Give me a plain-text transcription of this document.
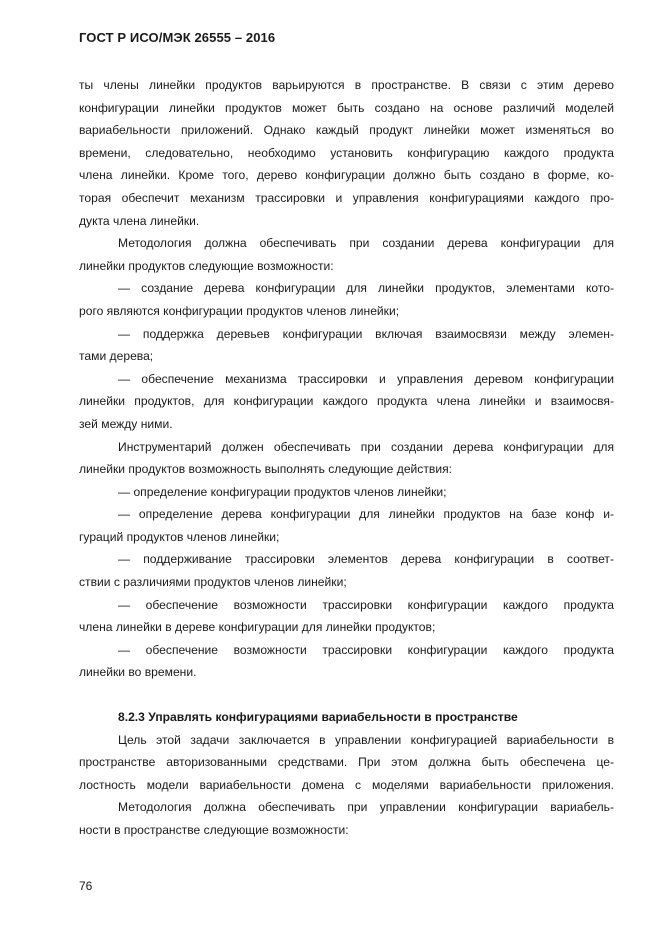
ГОСТ Р ИСО/МЭК 26555 – 2016
ты члены линейки продуктов варьируются в пространстве. В связи с этим дерево
конфигурации линейки продуктов может быть создано на основе различий моделей
вариабельности приложений. Однако каждый продукт линейки может изменяться во
времени, следовательно, необходимо установить конфигурацию каждого продукта
члена линейки. Кроме того, дерево конфигурации должно быть создано в форме, ко-
торая обеспечит механизм трассировки и управления конфигурациями каждого про-
дукта члена линейки.
Методология должна обеспечивать при создании дерева конфигурации для
линейки продуктов следующие возможности:
— создание дерева конфигурации для линейки продуктов, элементами кото-
рого являются конфигурации продуктов членов линейки;
— поддержка деревьев конфигурации включая взаимосвязи между элемен-
тами дерева;
— обеспечение механизма трассировки и управления деревом конфигурации
линейки продуктов, для конфигурации каждого продукта члена линейки и взаимосвя-
зей между ними.
Инструментарий должен обеспечивать при создании дерева конфигурации для
линейки продуктов возможность выполнять следующие действия:
— определение конфигурации продуктов членов линейки;
— определение дерева конфигурации для линейки продуктов на базе конф и-
гураций продуктов членов линейки;
— поддерживание трассировки элементов дерева конфигурации в соответ-
ствии с различиями продуктов членов линейки;
— обеспечение возможности трассировки конфигурации каждого продукта
члена линейки в дереве конфигурации для линейки продуктов;
— обеспечение возможности трассировки конфигурации каждого продукта
линейки во времени.
8.2.3 Управлять конфигурациями вариабельности в пространстве
Цель этой задачи заключается в управлении конфигурацией вариабельности в
пространстве авторизованными средствами. При этом должна быть обеспечена це-
лостность модели вариабельности домена с моделями вариабельности приложения.
Методология должна обеспечивать при управлении конфигурации вариабель-
ности в пространстве следующие возможности:
76
